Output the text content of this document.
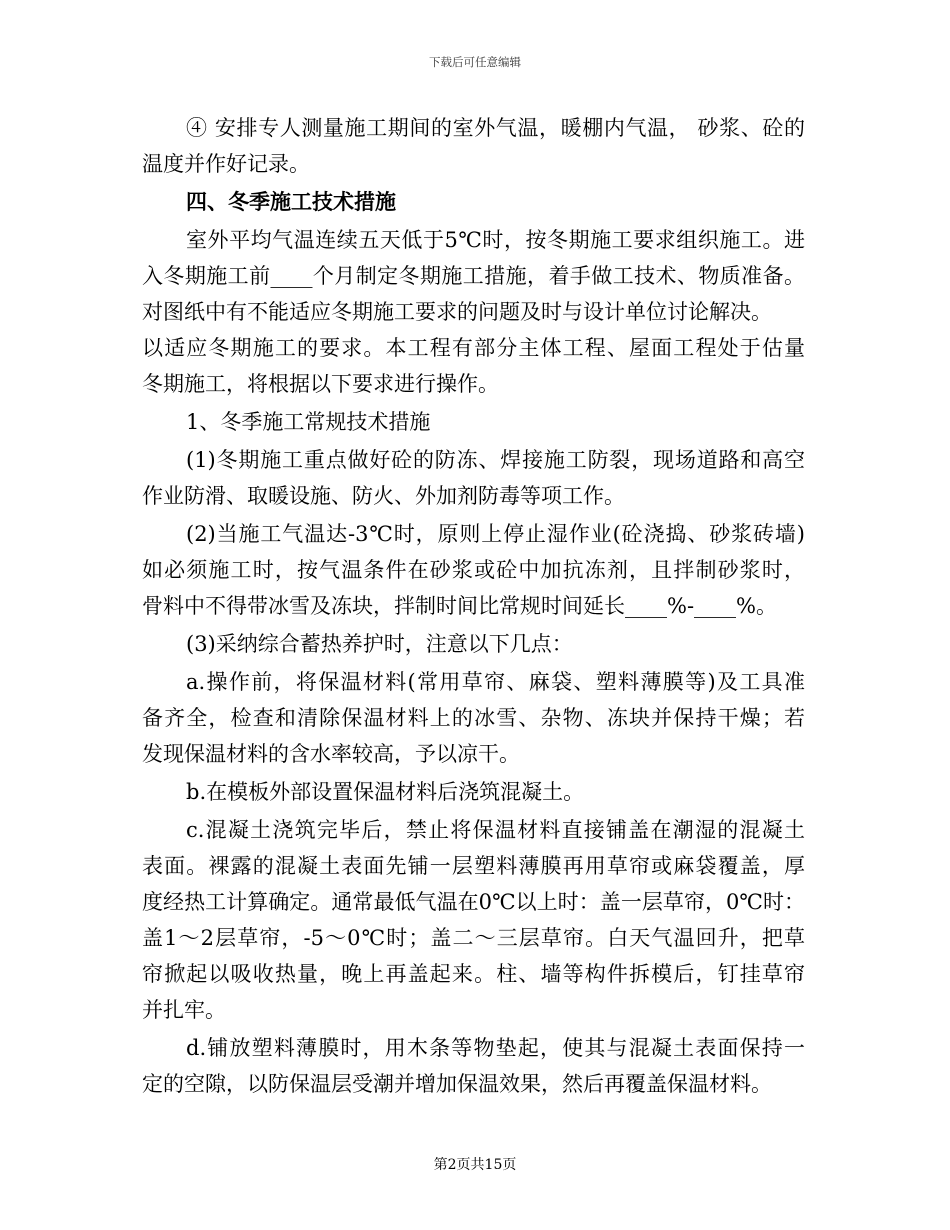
下载后可任意编辑
④ 安排专人测量施工期间的室外气温，暖棚内气温， 砂浆、砼的
温度并作好记录。
四、冬季施工技术措施
室外平均气温连续五天低于5℃时，按冬期施工要求组织施工。进
入冬期施工前____个月制定冬期施工措施，着手做工技术、物质准备。
对图纸中有不能适应冬期施工要求的问题及时与设计单位讨论解决。
以适应冬期施工的要求。本工程有部分主体工程、屋面工程处于估量
冬期施工，将根据以下要求进行操作。
1、冬季施工常规技术措施
(1)冬期施工重点做好砼的防冻、焊接施工防裂，现场道路和高空
作业防滑、取暖设施、防火、外加剂防毒等项工作。
(2)当施工气温达-3℃时，原则上停止湿作业(砼浇捣、砂浆砖墙)
如必须施工时，按气温条件在砂浆或砼中加抗冻剂，且拌制砂浆时，
骨料中不得带冰雪及冻块，拌制时间比常规时间延长____%-____%。
(3)采纳综合蓄热养护时，注意以下几点：
a.操作前，将保温材料(常用草帘、麻袋、塑料薄膜等)及工具准
备齐全，检查和清除保温材料上的冰雪、杂物、冻块并保持干燥；若
发现保温材料的含水率较高，予以凉干。
b.在模板外部设置保温材料后浇筑混凝土。
c.混凝土浇筑完毕后，禁止将保温材料直接铺盖在潮湿的混凝土
表面。裸露的混凝土表面先铺一层塑料薄膜再用草帘或麻袋覆盖，厚
度经热工计算确定。通常最低气温在0℃以上时：盖一层草帘，0℃时：
盖1～2层草帘，-5～0℃时；盖二～三层草帘。白天气温回升，把草
帘掀起以吸收热量，晚上再盖起来。柱、墙等构件拆模后，钉挂草帘
并扎牢。
d.铺放塑料薄膜时，用木条等物垫起，使其与混凝土表面保持一
定的空隙，以防保温层受潮并增加保温效果，然后再覆盖保温材料。
第2页共15页
